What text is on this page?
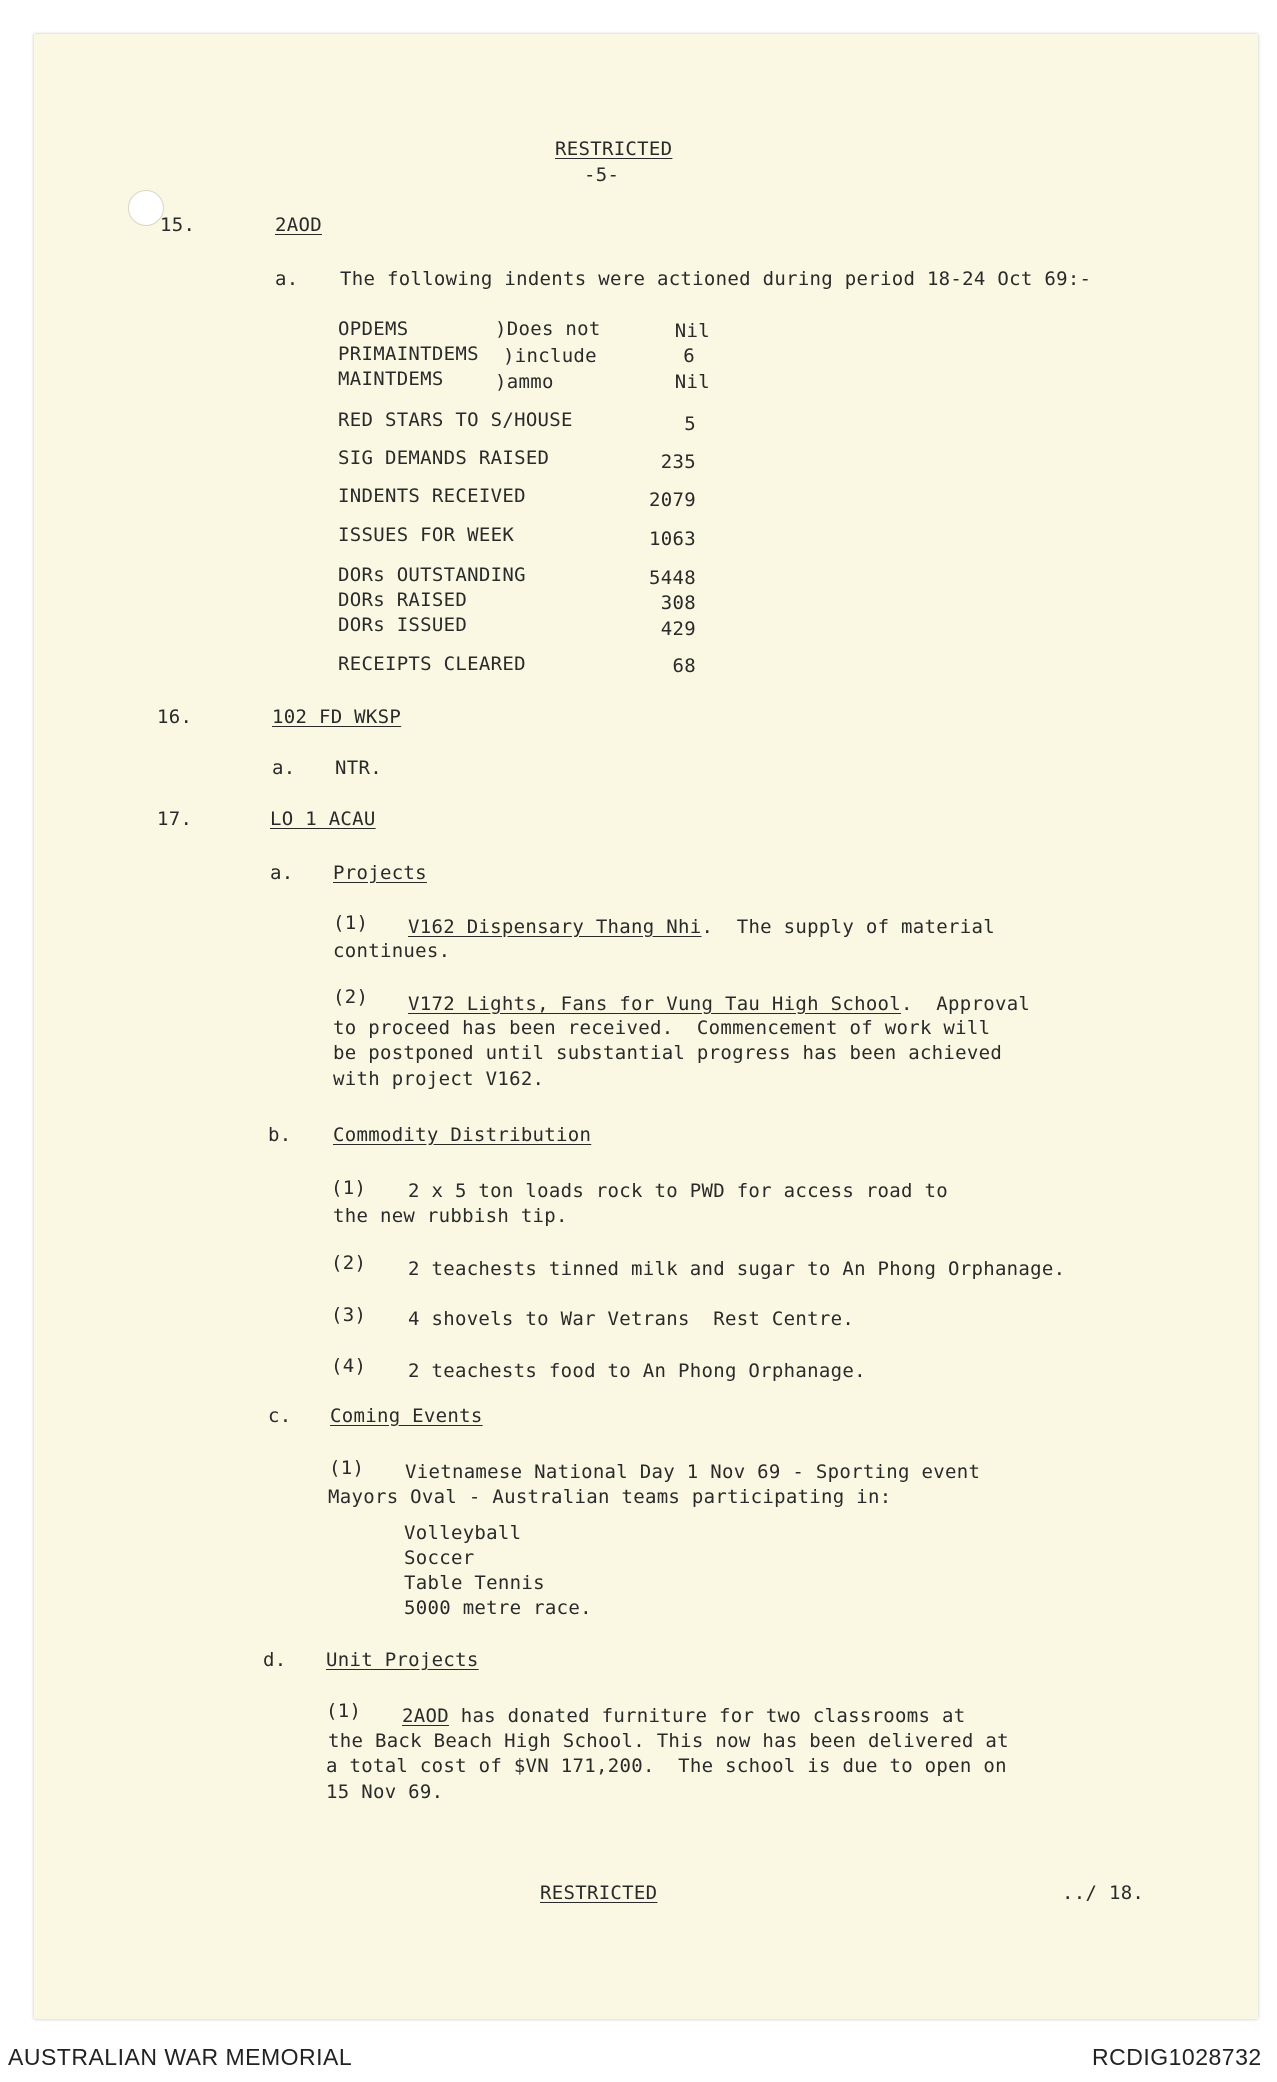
RESTRICTED
-5-
15.	2AOD
a. The following indents were actioned during period 18-24 Oct 69:-
OPDEMS	)Does not	Nil
PRIMAINTDEMS )include	6
MAINTDEMS	)ammo	Nil
RED STARS TO S/HOUSE	5
SIG DEMANDS RAISED	235
INDENTS RECEIVED	2079
ISSUES FOR WEEK	1063
DORs OUTSTANDING	5448
DORs RAISED	308
DORs ISSUED	429
RECEIPTS CLEARED	68
16.	102 FD WKSP
a. NTR.
17.	LO 1 ACAU
a. Projects
(1) V162 Dispensary Thang Nhi.  The supply of material
continues.
(2) V172 Lights, Fans for Vung Tau High School.  Approval
to proceed has been received.  Commencement of work will
be postponed until substantial progress has been achieved
with project V162.
b. Commodity Distribution
(1) 2 x 5 ton loads rock to PWD for access road to
the new rubbish tip.
(2) 2 teachests tinned milk and sugar to An Phong Orphanage.
(3) 4 shovels to War Vetrans  Rest Centre.
(4) 2 teachests food to An Phong Orphanage.
c. Coming Events
(1) Vietnamese National Day 1 Nov 69 - Sporting event
Mayors Oval - Australian teams participating in:
Volleyball
Soccer
Table Tennis
5000 metre race.
d. Unit Projects
(1) 2AOD has donated furniture for two classrooms at
the Back Beach High School. This now has been delivered at
a total cost of $VN 171,200.  The school is due to open on
15 Nov 69.
RESTRICTED	../ 18.
AUSTRALIAN WAR MEMORIAL	RCDIG1028732
